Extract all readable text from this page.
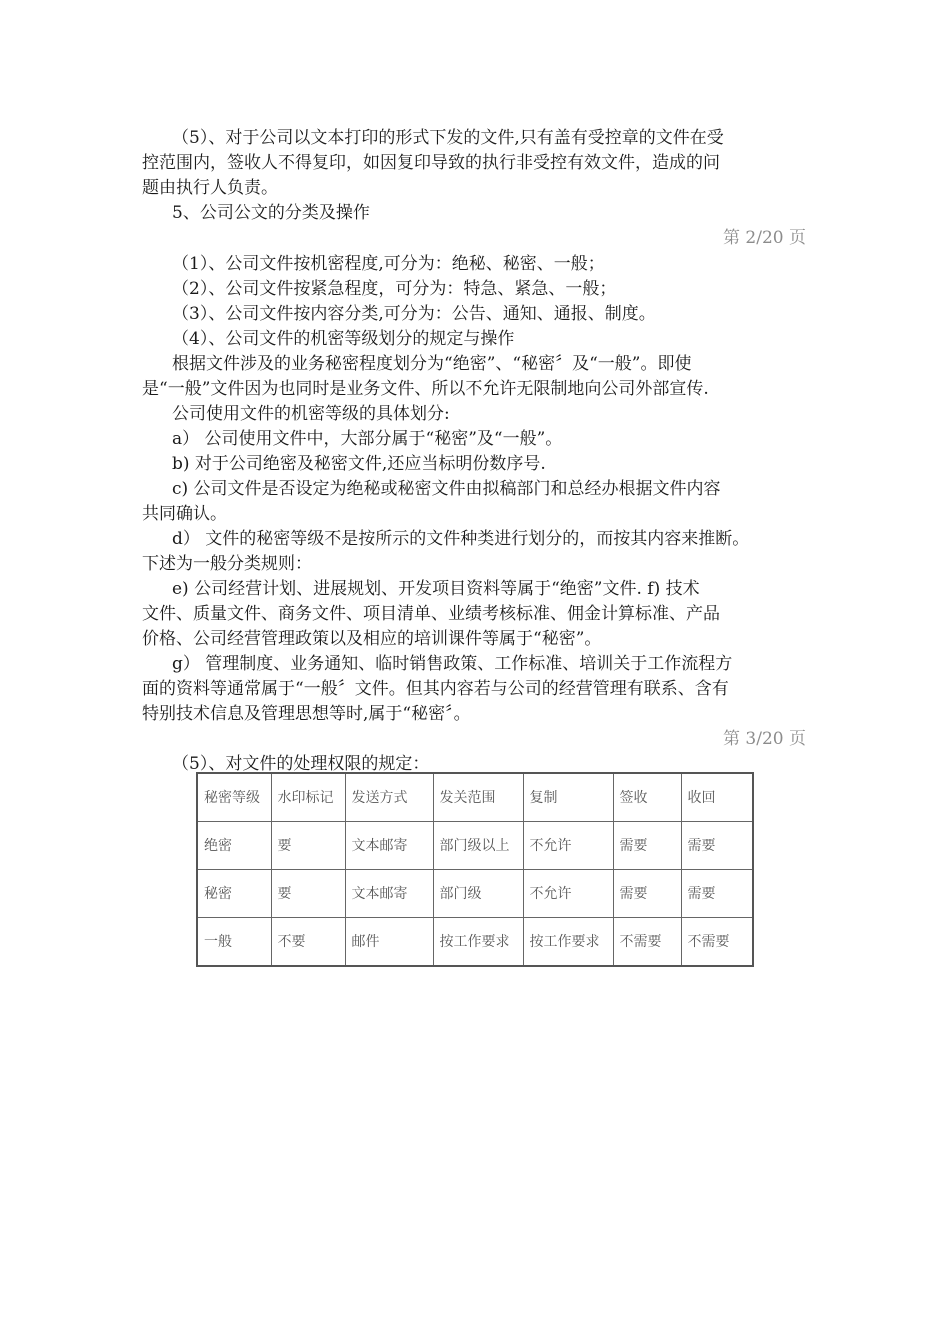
（5）、对于公司以文本打印的形式下发的文件,只有盖有受控章的文件在受
控范围内，签收人不得复印，如因复印导致的执行非受控有效文件，造成的问
题由执行人负责。
5、公司公文的分类及操作
第 2/20 页
（1）、公司文件按机密程度,可分为：绝秘、秘密、一般；
（2）、公司文件按紧急程度，可分为：特急、紧急、一般；
（3）、公司文件按内容分类,可分为：公告、通知、通报、制度。
（4）、公司文件的机密等级划分的规定与操作
根据文件涉及的业务秘密程度划分为“绝密”、“秘密〞及“一般”。即使
是“一般”文件因为也同时是业务文件、所以不允许无限制地向公司外部宣传.
公司使用文件的机密等级的具体划分:
a） 公司使用文件中，大部分属于“秘密”及“一般”。
b) 对于公司绝密及秘密文件,还应当标明份数序号.
c) 公司文件是否设定为绝秘或秘密文件由拟稿部门和总经办根据文件内容
共同确认。
d） 文件的秘密等级不是按所示的文件种类进行划分的，而按其内容来推断。
下述为一般分类规则：
e) 公司经营计划、进展规划、开发项目资料等属于“绝密”文件. f) 技术
文件、质量文件、商务文件、项目清单、业绩考核标准、佣金计算标准、产品
价格、公司经营管理政策以及相应的培训课件等属于“秘密”。
g） 管理制度、业务通知、临时销售政策、工作标准、培训关于工作流程方
面的资料等通常属于“一般〞文件。但其内容若与公司的经营管理有联系、含有
特别技术信息及管理思想等时,属于“秘密〞。
第 3/20 页
（5）、对文件的处理权限的规定：
秘密等级	水印标记	发送方式	发关范围	复制	签收	收回
绝密	要	文本邮寄	部门级以上	不允许	需要	需要
秘密	要	文本邮寄	部门级	不允许	需要	需要
一般	不要	邮件	按工作要求	按工作要求	不需要	不需要
